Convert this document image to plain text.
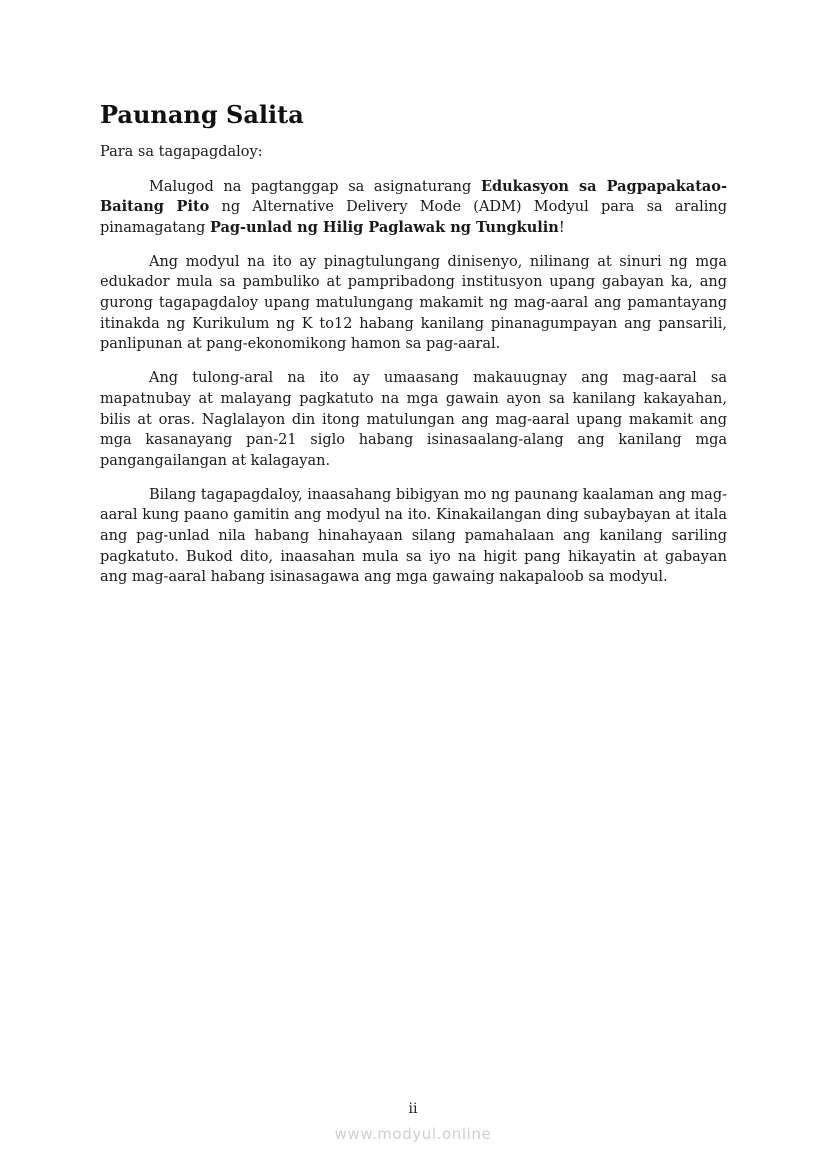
Paunang Salita

Para sa tagapagdaloy:

Malugod na pagtanggap sa asignaturang Edukasyon sa Pagpapakatao-Baitang Pito ng Alternative Delivery Mode (ADM) Modyul para sa araling pinamagatang Pag-unlad ng Hilig Paglawak ng Tungkulin!

Ang modyul na ito ay pinagtulungang dinisenyo, nilinang at sinuri ng mga edukador mula sa pambuliko at pampribadong institusyon upang gabayan ka, ang gurong tagapagdaloy upang matulungang makamit ng mag-aaral ang pamantayang itinakda ng Kurikulum ng K to12 habang kanilang pinanagumpayan ang pansarili, panlipunan at pang-ekonomikong hamon sa pag-aaral.

Ang tulong-aral na ito ay umaasang makauugnay ang mag-aaral sa mapatnubay at malayang pagkatuto na mga gawain ayon sa kanilang kakayahan, bilis at oras. Naglalayon din itong matulungan ang mag-aaral upang makamit ang mga kasanayang pan-21 siglo habang isinasaalang-alang ang kanilang mga pangangailangan at kalagayan.

Bilang tagapagdaloy, inaasahang bibigyan mo ng paunang kaalaman ang mag-aaral kung paano gamitin ang modyul na ito. Kinakailangan ding subaybayan at itala ang pag-unlad nila habang hinahayaan silang pamahalaan ang kanilang sariling pagkatuto. Bukod dito, inaasahan mula sa iyo na higit pang hikayatin at gabayan ang mag-aaral habang isinasagawa ang mga gawaing nakapaloob sa modyul.

ii
www.modyul.online
